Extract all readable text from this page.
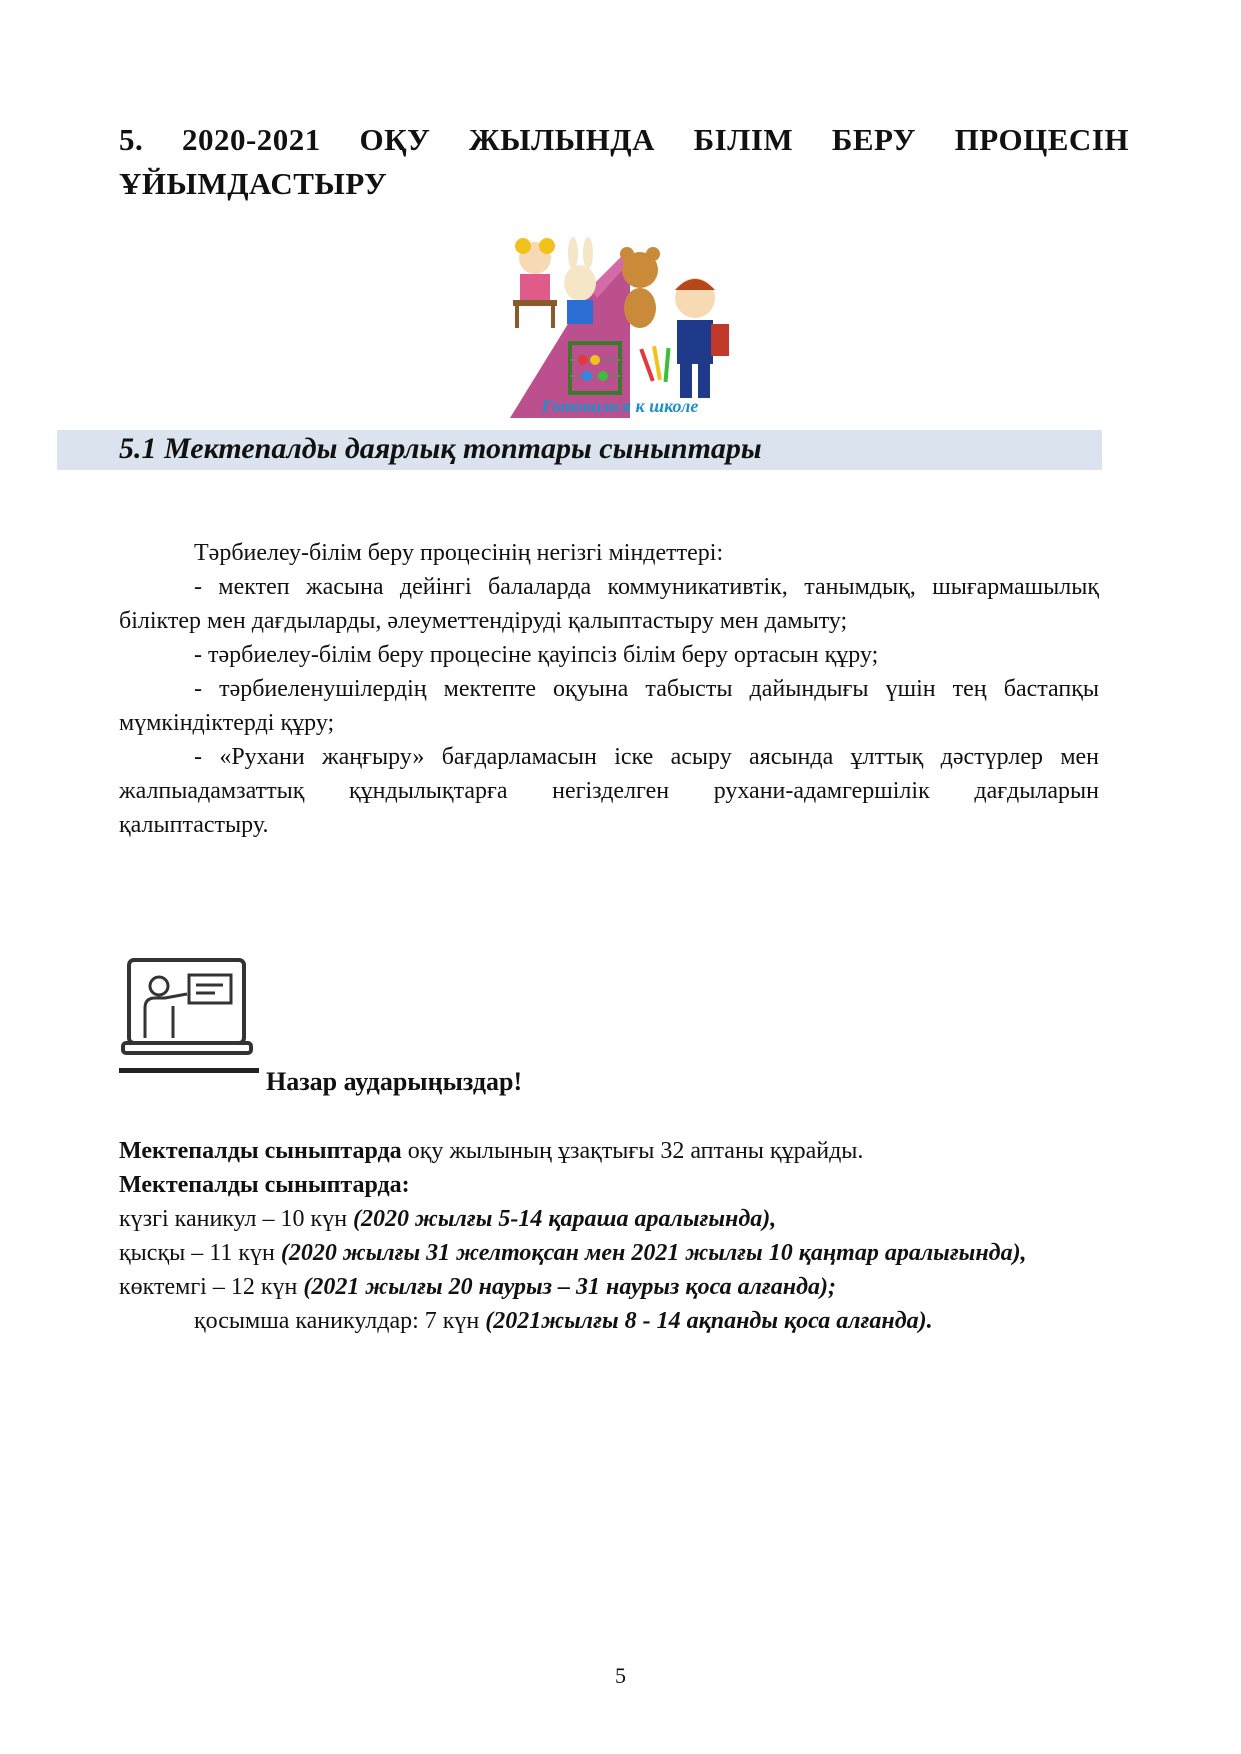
5. 2020-2021 ОҚУ ЖЫЛЫНДА БІЛІМ БЕРУ ПРОЦЕСІН
ҰЙЫМДАСТЫРУ
Готовимся к школе
5.1 Мектепалды даярлық топтары сыныптары

Тәрбиелеу-білім беру процесінің негізгі міндеттері:

- мектеп жасына дейінгі балаларда коммуникативтік, танымдық, шығармашылық біліктер мен дағдыларды, әлеуметтендіруді қалыптастыру мен дамыту;

- тәрбиелеу-білім беру процесіне қауіпсіз білім беру ортасын құру;

- тәрбиеленушілердің мектепте оқуына табысты дайындығы үшін тең бастапқы мүмкіндіктерді құру;

- «Рухани жаңғыру» бағдарламасын іске асыру аясында ұлттық дәстүрлер мен жалпыадамзаттық құндылықтарға негізделген рухани-адамгершілік дағдыларын қалыптастыру.

Назар аударыңыздар!

Мектепалды сыныптарда оқу жылының ұзақтығы 32 аптаны құрайды.

Мектепалды сыныптарда:

күзгі каникул – 10 күн (2020 жылғы 5-14 қараша аралығында),

қысқы – 11 күн (2020 жылғы 31 желтоқсан мен 2021 жылғы 10 қаңтар аралығында),

көктемгі – 12 күн (2021 жылғы 20 наурыз – 31 наурыз қоса алғанда);

қосымша каникулдар: 7 күн (2021жылғы 8 - 14 ақпанды қоса алғанда).

5
